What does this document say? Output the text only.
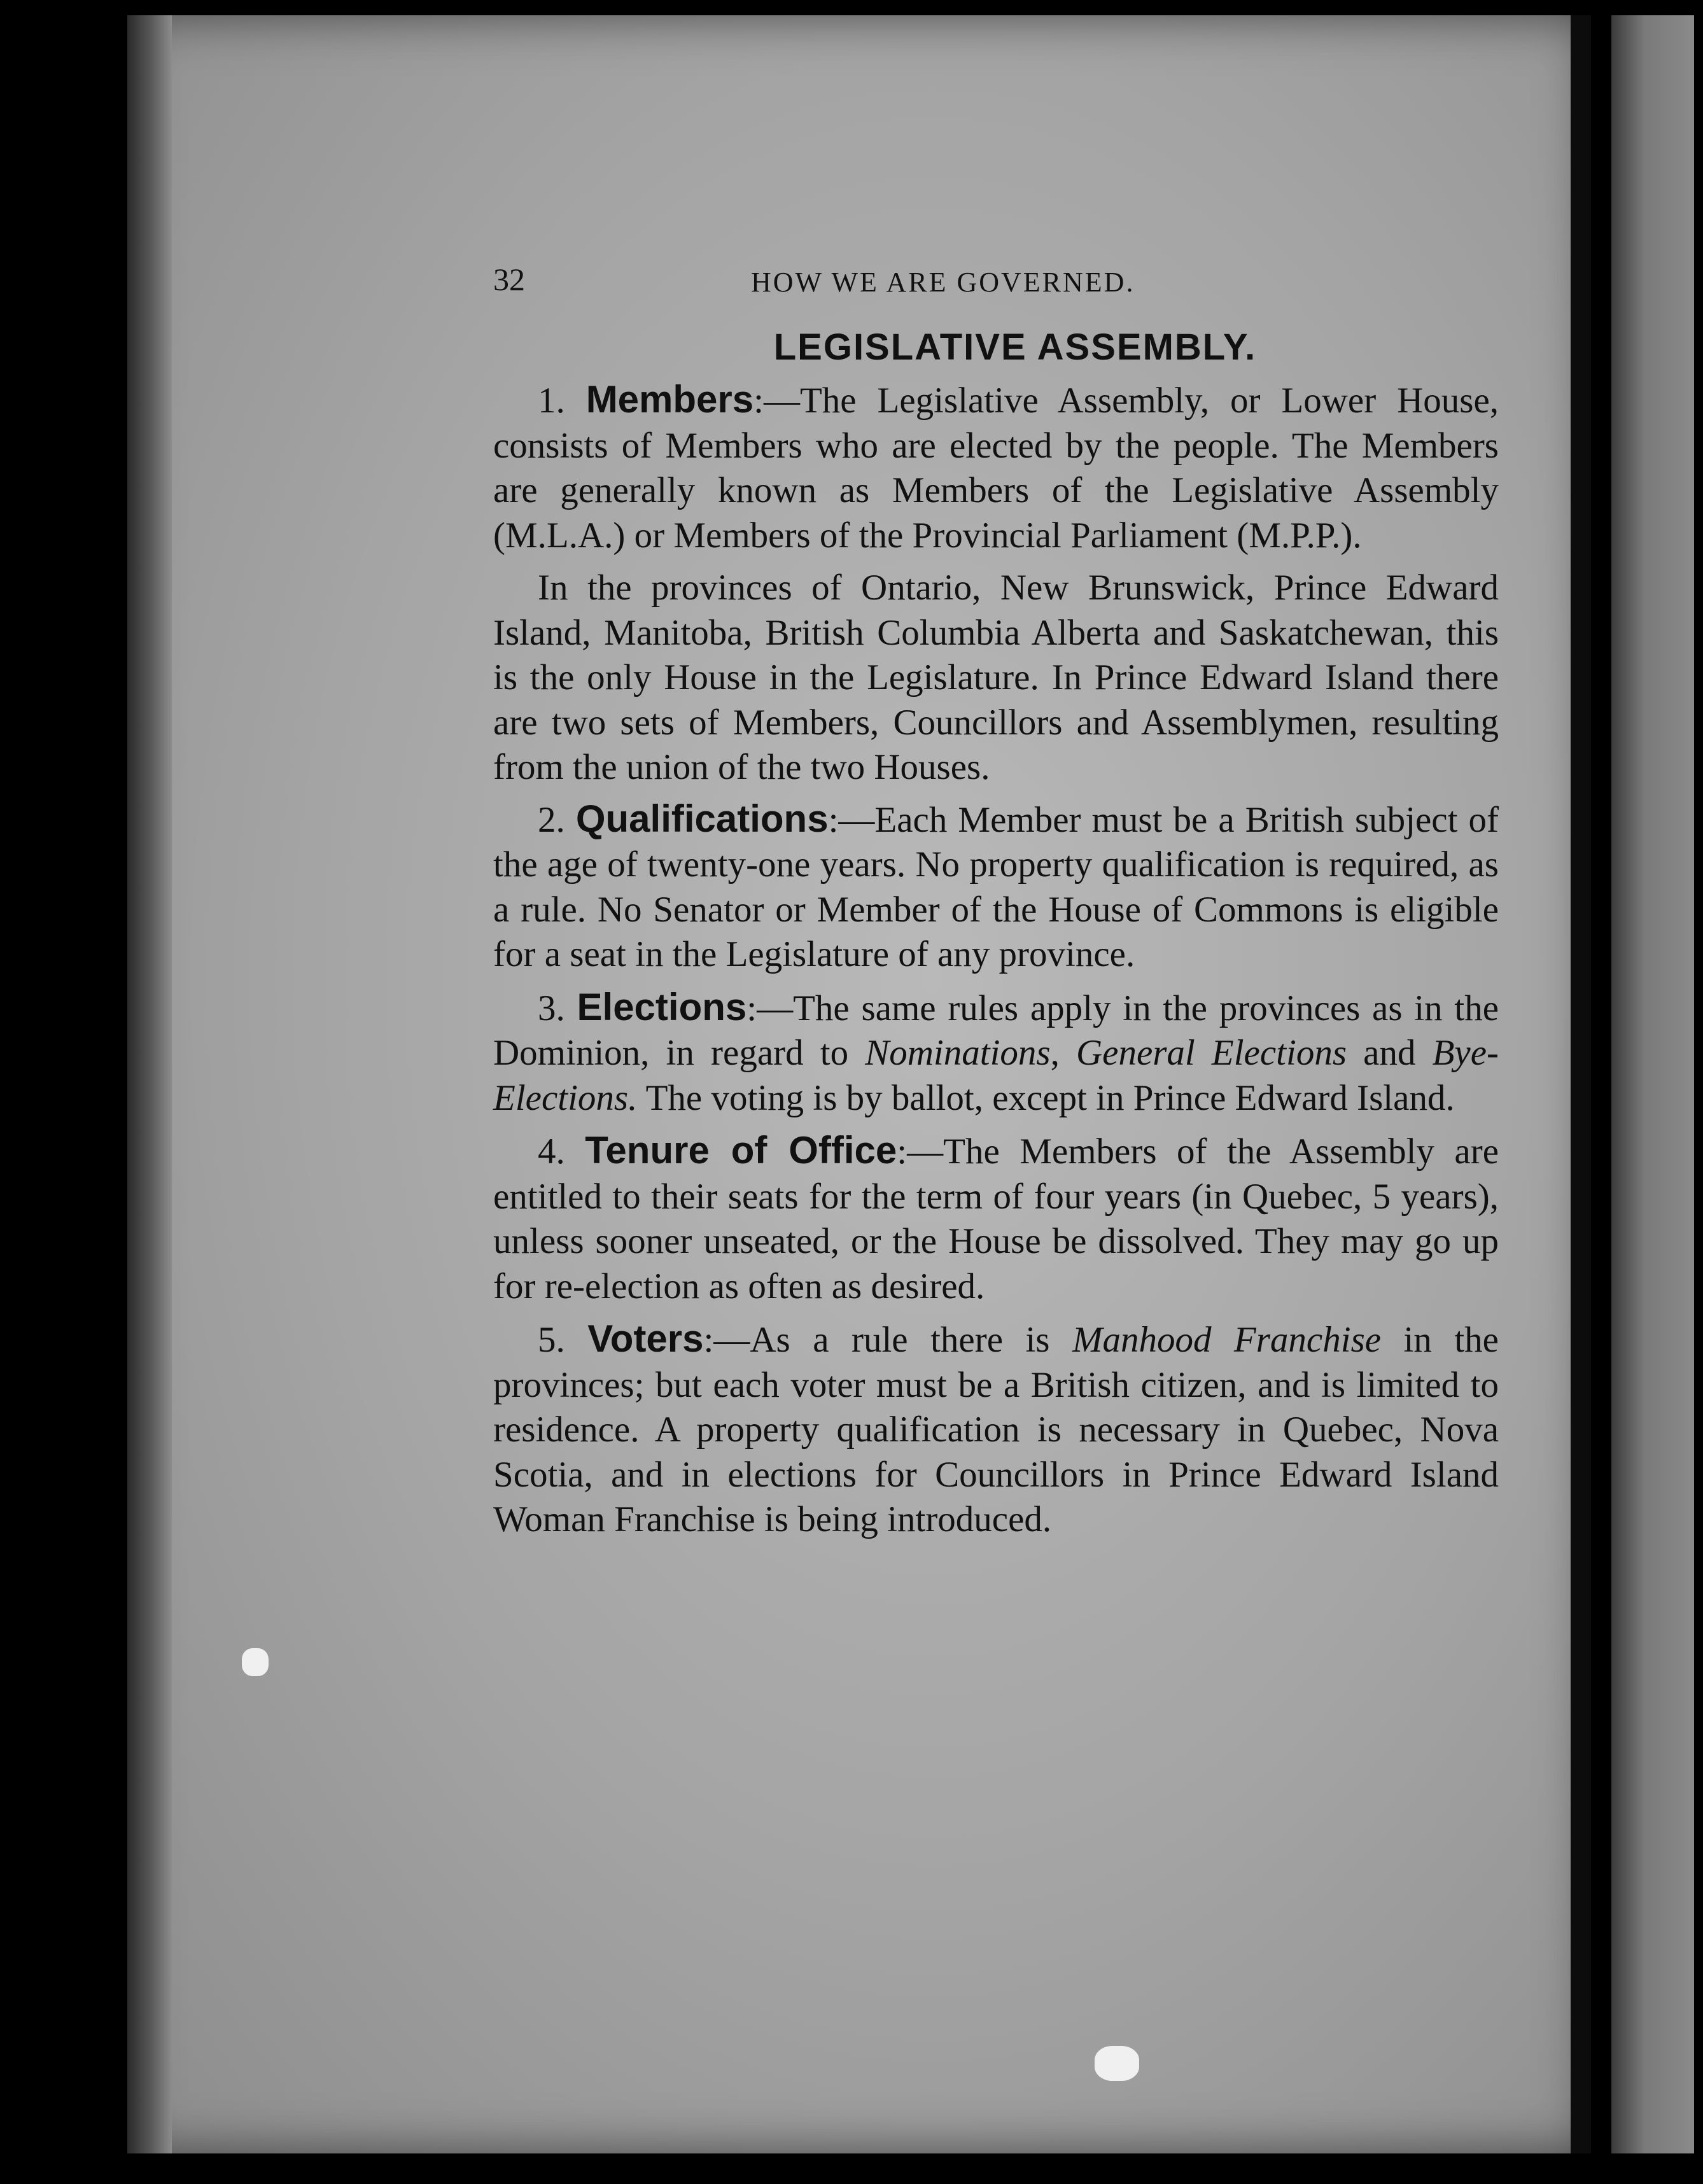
32	HOW WE ARE GOVERNED.
LEGISLATIVE ASSEMBLY.

1. Members:—The Legislative Assembly, or Lower House, consists of Members who are elected by the people. The Members are generally known as Members of the Legislative Assembly (M.L.A.) or Members of the Provincial Parliament (M.P.P.).

In the provinces of Ontario, New Brunswick, Prince Edward Island, Manitoba, British Columbia Alberta and Saskatchewan, this is the only House in the Legislature. In Prince Edward Island there are two sets of Members, Councillors and Assemblymen, resulting from the union of the two Houses.

2. Qualifications:—Each Member must be a British subject of the age of twenty-one years. No property qualification is required, as a rule. No Senator or Member of the House of Commons is eligible for a seat in the Legislature of any province.

3. Elections:—The same rules apply in the provinces as in the Dominion, in regard to Nominations, General Elections and Bye-Elections. The voting is by ballot, except in Prince Edward Island.

4. Tenure of Office:—The Members of the Assembly are entitled to their seats for the term of four years (in Quebec, 5 years), unless sooner unseated, or the House be dissolved. They may go up for re-election as often as desired.

5. Voters:—As a rule there is Manhood Franchise in the provinces; but each voter must be a British citizen, and is limited to residence. A property qualification is necessary in Quebec, Nova Scotia, and in elections for Councillors in Prince Edward Island Woman Franchise is being introduced.
